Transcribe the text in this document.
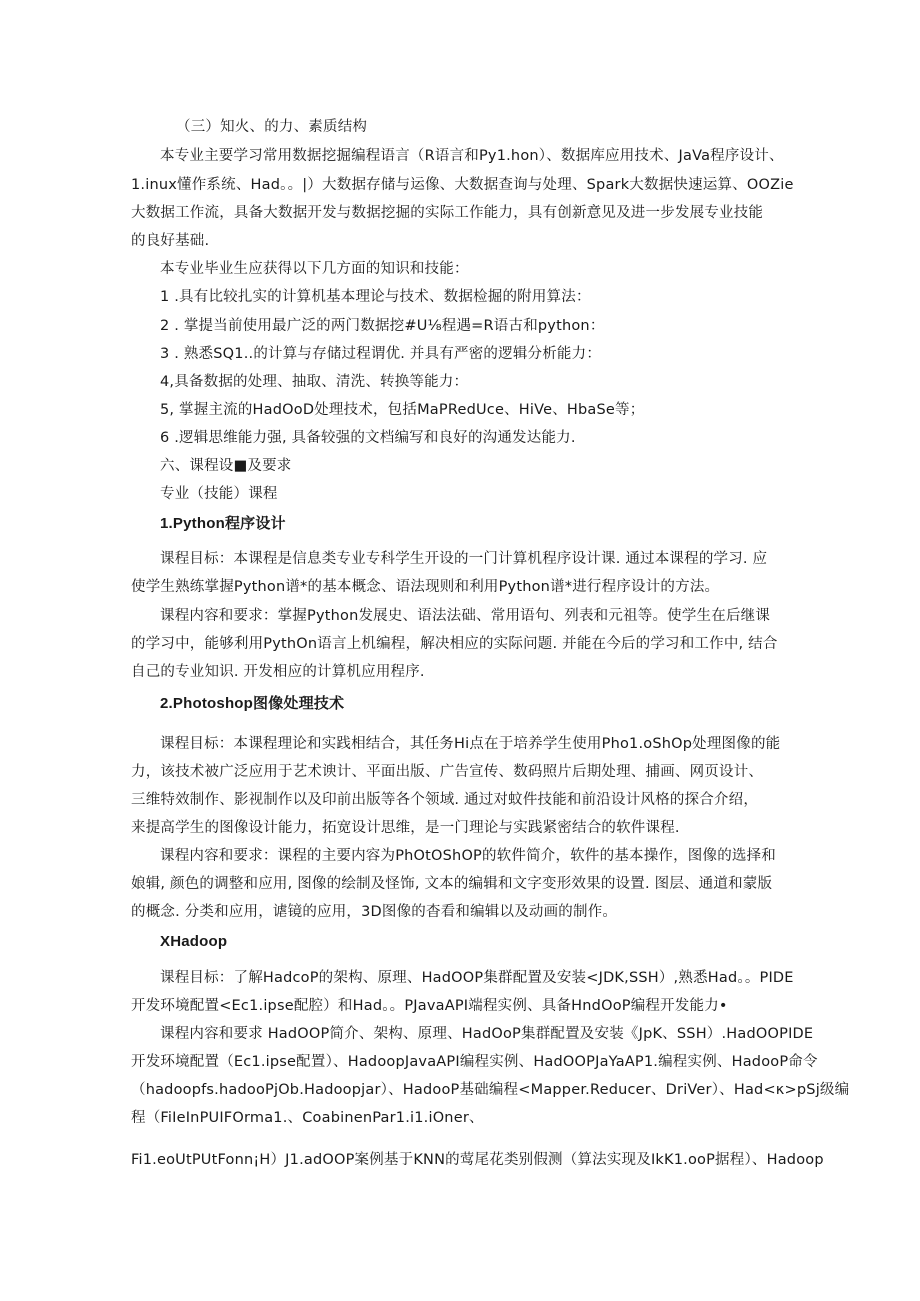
（三）知火、的力、素质结构
本专业主要学习常用数据挖掘编程语言（R语言和Py1.hon）、数据库应用技术、JaVa程序设计、
1.inux懂作系统、Had。。|）大数据存储与运像、大数据查询与处理、Spark大数据快速运算、OOZie
大数据工作流，具备大数据开发与数据挖掘的实际工作能力，具有创新意见及进一步发展专业技能
的良好基础.
本专业毕业生应获得以下几方面的知识和技能：
1 .具有比较扎实的计算机基本理论与技术、数据检掘的附用算法：
2 . 掌提当前使用最广泛的两门数据挖#U⅛程遇=R语古和python：
3 . 熟悉SQ1..的计算与存储过程谓优. 并具有严密的逻辑分析能力：
4,具备数据的处理、抽取、清洗、转换等能力：
5, 掌握主流的HadOoD处理技术，包括MaPRedUce、HiVe、HbaSe等；
6 .逻辑思维能力强, 具备较强的文档编写和良好的沟通发达能力.
六、课程设■及要求
专业（技能）课程
1.Python程序设计
课程目标：本课程是信息类专业专科学生开设的一门计算机程序设计课. 通过本课程的学习. 应
使学生熟练掌握Python谱*的基本概念、语法现则和利用Python谱*进行程序设计的方法。
课程内容和要求：掌握Python发展史、语法法础、常用语句、列表和元祖等。使学生在后继课
的学习中，能够利用PythOn语言上机编程，解决相应的实际问题. 并能在今后的学习和工作中, 结合
自己的专业知识. 开发相应的计算机应用程序.
2.Photoshop图像处理技术
课程目标：本课程理论和实践相结合，其任务Hi点在于培养学生使用Pho1.oShOp处理图像的能
力，该技术被广泛应用于艺术谀计、平面出版、广告宣传、数码照片后期处理、捕画、网页设计、
三维特效制作、影视制作以及印前出版等各个领域. 通过对蚊件技能和前沿设计风格的探合介绍，
来提高学生的图像设计能力，拓宽设计思维，是一门理论与实践紧密结合的软件课程.
课程内容和要求：课程的主要内容为PhOtOShOP的软件简介，软件的基本操作，图像的选择和
娘辑, 颜色的调整和应用, 图像的绘制及怪饰, 文本的编辑和文字变形效果的设置. 图层、通道和蒙版
的概念. 分类和应用，谑镜的应用，3D图像的杳看和编辑以及动画的制作。
XHadoop
课程目标：了解HadcoP的架构、原理、HadOOP集群配置及安装<JDK,SSH）,熟悉Had。。PIDE
开发环境配置<Ec1.ipse配腔）和Had。。PJavaAPI端程实例、具备HndOoP编程开发能力•
课程内容和要求 HadOOP简介、架构、原理、HadOoP集群配置及安装《JpK、SSH）.HadOOPIDE
开发环境配置（Ec1.ipse配置）、HadoopJavaAPI编程实例、HadOOPJaYaAP1.编程实例、HadooP命令
（hadoopfs.hadooPjOb.Hadoopjar）、HadooP基础编程<Mapper.Reducer、DriVer）、Had<κ>pSj级编
程（FiIeInPUIFOrma1.、CoabinenPar1.i1.iOner、
Fi1.eoUtPUtFonn¡H）J1.adOOP案例基于KNN的莺尾花类别假测（算法实现及IkK1.ooP据程）、Hadoop
